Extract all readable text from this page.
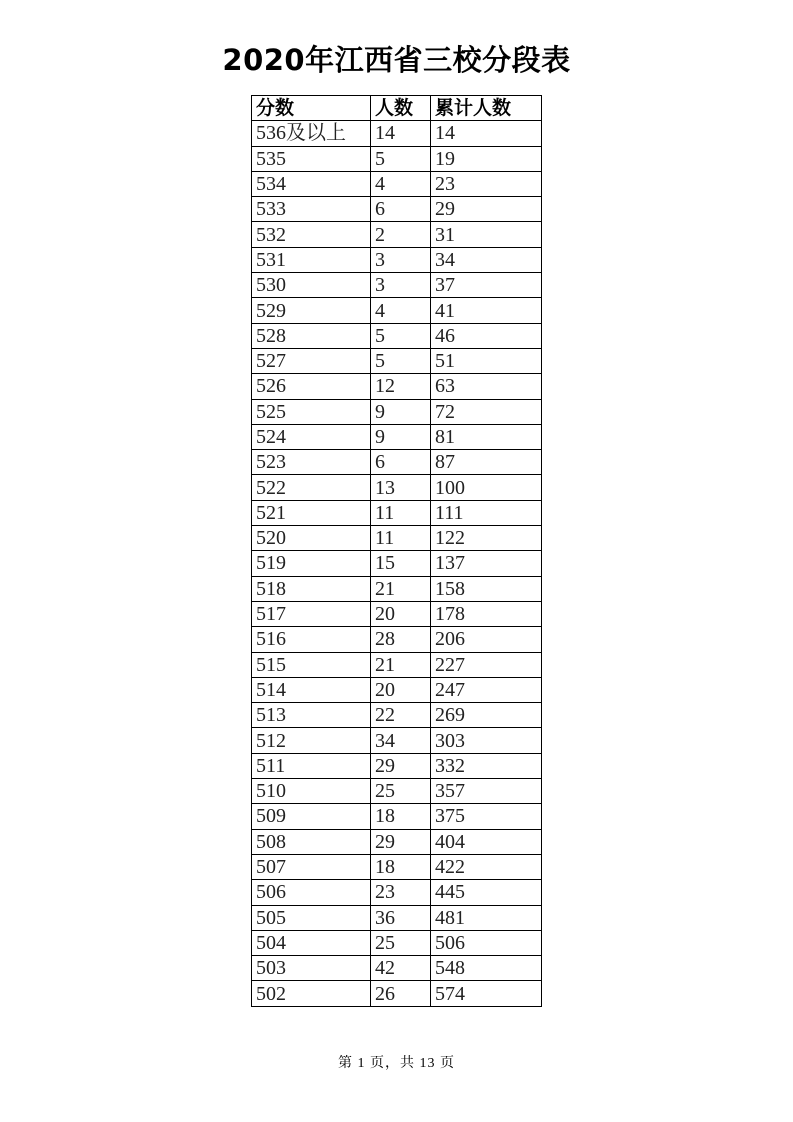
2020年江西省三校分段表
分数	人数	累计人数
536及以上	14	14
535	5	19
534	4	23
533	6	29
532	2	31
531	3	34
530	3	37
529	4	41
528	5	46
527	5	51
526	12	63
525	9	72
524	9	81
523	6	87
522	13	100
521	11	111
520	11	122
519	15	137
518	21	158
517	20	178
516	28	206
515	21	227
514	20	247
513	22	269
512	34	303
511	29	332
510	25	357
509	18	375
508	29	404
507	18	422
506	23	445
505	36	481
504	25	506
503	42	548
502	26	574
第 1 页，共 13 页
